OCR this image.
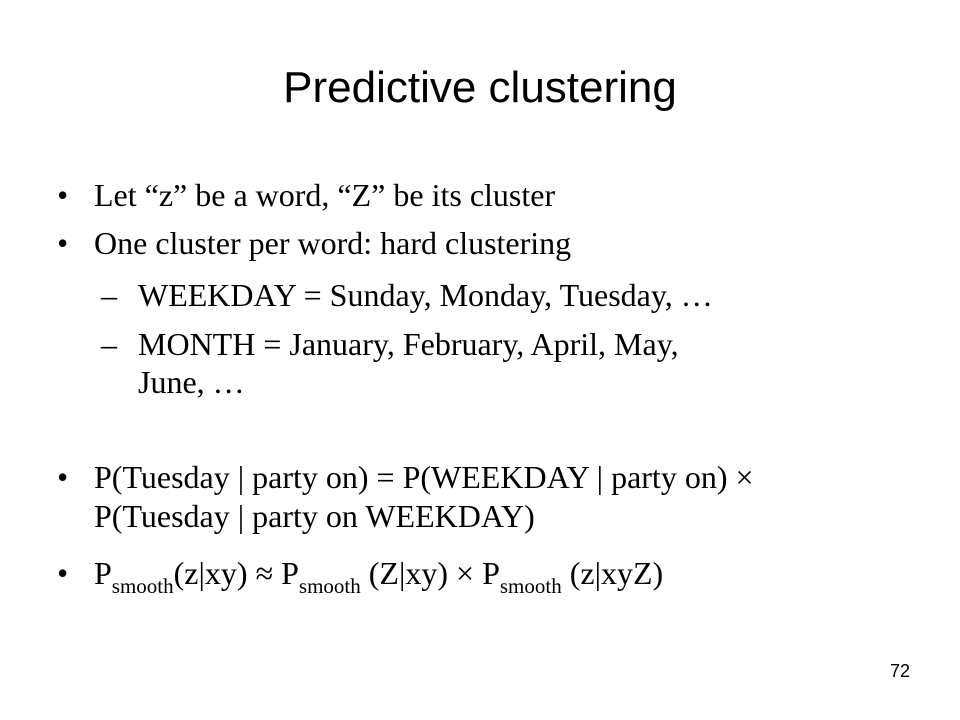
Predictive clustering
• Let “z” be a word, “Z” be its cluster
• One cluster per word: hard clustering
– WEEKDAY = Sunday, Monday, Tuesday, …
– MONTH = January, February, April, May,
June, …
• P(Tuesday | party on) = P(WEEKDAY | party on) ×
P(Tuesday | party on WEEKDAY)
• $P_{smooth}(z|xy) \approx P_{smooth}$ $(Z|xy) \times P_{smooth}$ (z|xyZ)
72
